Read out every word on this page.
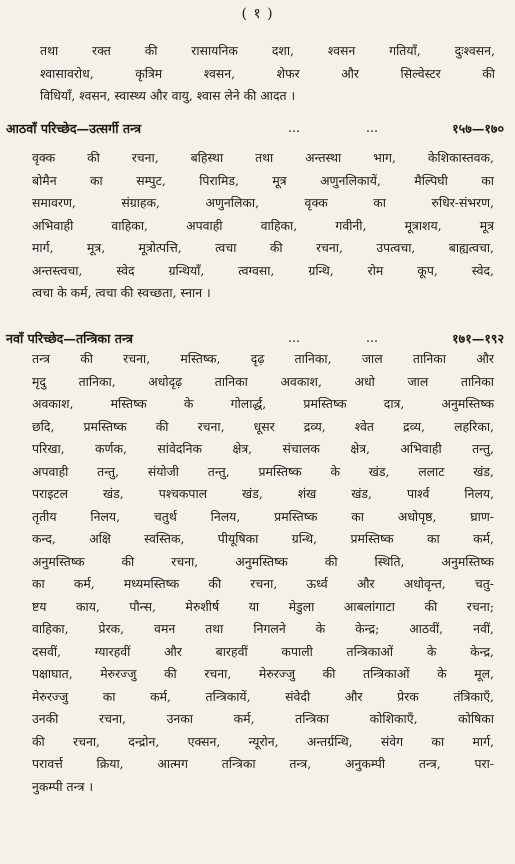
( १ )
तथा रक्त की रासायनिक दशा, श्वसन गतियाँ, दुःश्वसन,
श्वासावरोध, कृत्रिम श्वसन, शेफर और सिल्वेस्टर की
विधियाँ, श्वसन, स्वास्थ्य और वायु, श्वास लेने की आदत ।
आठवाँ परिच्छेद—उत्सर्गी तन्त्र	...	...	१५७—१७०
वृक्क की रचना, बहिस्था तथा अन्तस्था भाग, केशिकास्तवक,
बोमैन का सम्पुट, पिरामिड, मूत्र अणुनलिकायें, मैल्पिघी का
समावरण, संग्राहक, अणुनलिका, वृक्क का रुधिर-संभरण,
अभिवाही वाहिका, अपवाही वाहिका, गवीनी, मूत्राशय, मूत्र
मार्ग, मूत्र, मूत्रोत्पत्ति, त्वचा की रचना, उपत्वचा, बाह्यत्वचा,
अन्तस्त्वचा, स्वेद ग्रन्थियाँ, त्वग्वसा, ग्रन्थि, रोम कूप, स्वेद,
त्वचा के कर्म, त्वचा की स्वच्छता, स्नान ।
नवाँ परिच्छेद—तन्त्रिका तन्त्र	...	...	१७१—१९२
तन्त्र की रचना, मस्तिष्क, दृढ़ तानिका, जाल तानिका और
मृदु तानिका, अधोदृढ़ तानिका अवकाश, अधो जाल तानिका
अवकाश, मस्तिष्क के गोलार्द्ध, प्रमस्तिष्क दात्र, अनुमस्तिष्क
छदि, प्रमस्तिष्क की रचना, धूसर द्रव्य, श्वेत द्रव्य, लहरिका,
परिखा, कर्णक, सांवेदनिक क्षेत्र, संचालक क्षेत्र, अभिवाही तन्तु,
अपवाही तन्तु, संयोजी तन्तु, प्रमस्तिष्क के खंड, ललाट खंड,
पराइटल खंड, पश्चकपाल खंड, शंख खंड, पार्श्व निलय,
तृतीय निलय, चतुर्थ निलय, प्रमस्तिष्क का अधोपृष्ठ, घ्राण-
कन्द, अक्षि स्वस्तिक, पीयूषिका ग्रन्थि, प्रमस्तिष्क का कर्म,
अनुमस्तिष्क की रचना, अनुमस्तिष्क की स्थिति, अनुमस्तिष्क
का कर्म, मध्यमस्तिष्क की रचना, ऊर्ध्व और अधोवृन्त, चतु-
ष्टय काय, पौन्स, मेरुशीर्ष या मेडुला आबलांगाटा की रचना;
वाहिका, प्रेरक, वमन तथा निगलने के केन्द्र; आठवीं, नवीं,
दसवीं, ग्यारहवीं और बारहवीं कपाली तन्त्रिकाओं के केन्द्र,
पक्षाघात, मेरुरज्जु की रचना, मेरुरज्जु की तन्त्रिकाओं के मूल,
मेरुरज्जु का कर्म, तन्त्रिकायें, संवेदी और प्रेरक तंत्रिकाएँ,
उनकी रचना, उनका कर्म, तन्त्रिका कोशिकाएँ, कोषिका
की रचना, दन्द्रोन, एक्सन, न्यूरोन, अन्तर्ग्रन्थि, संवेग का मार्ग,
परावर्त्त क्रिया, आत्मग तन्त्रिका तन्त्र, अनुकम्पी तन्त्र, परा-
नुकम्पी तन्त्र ।
